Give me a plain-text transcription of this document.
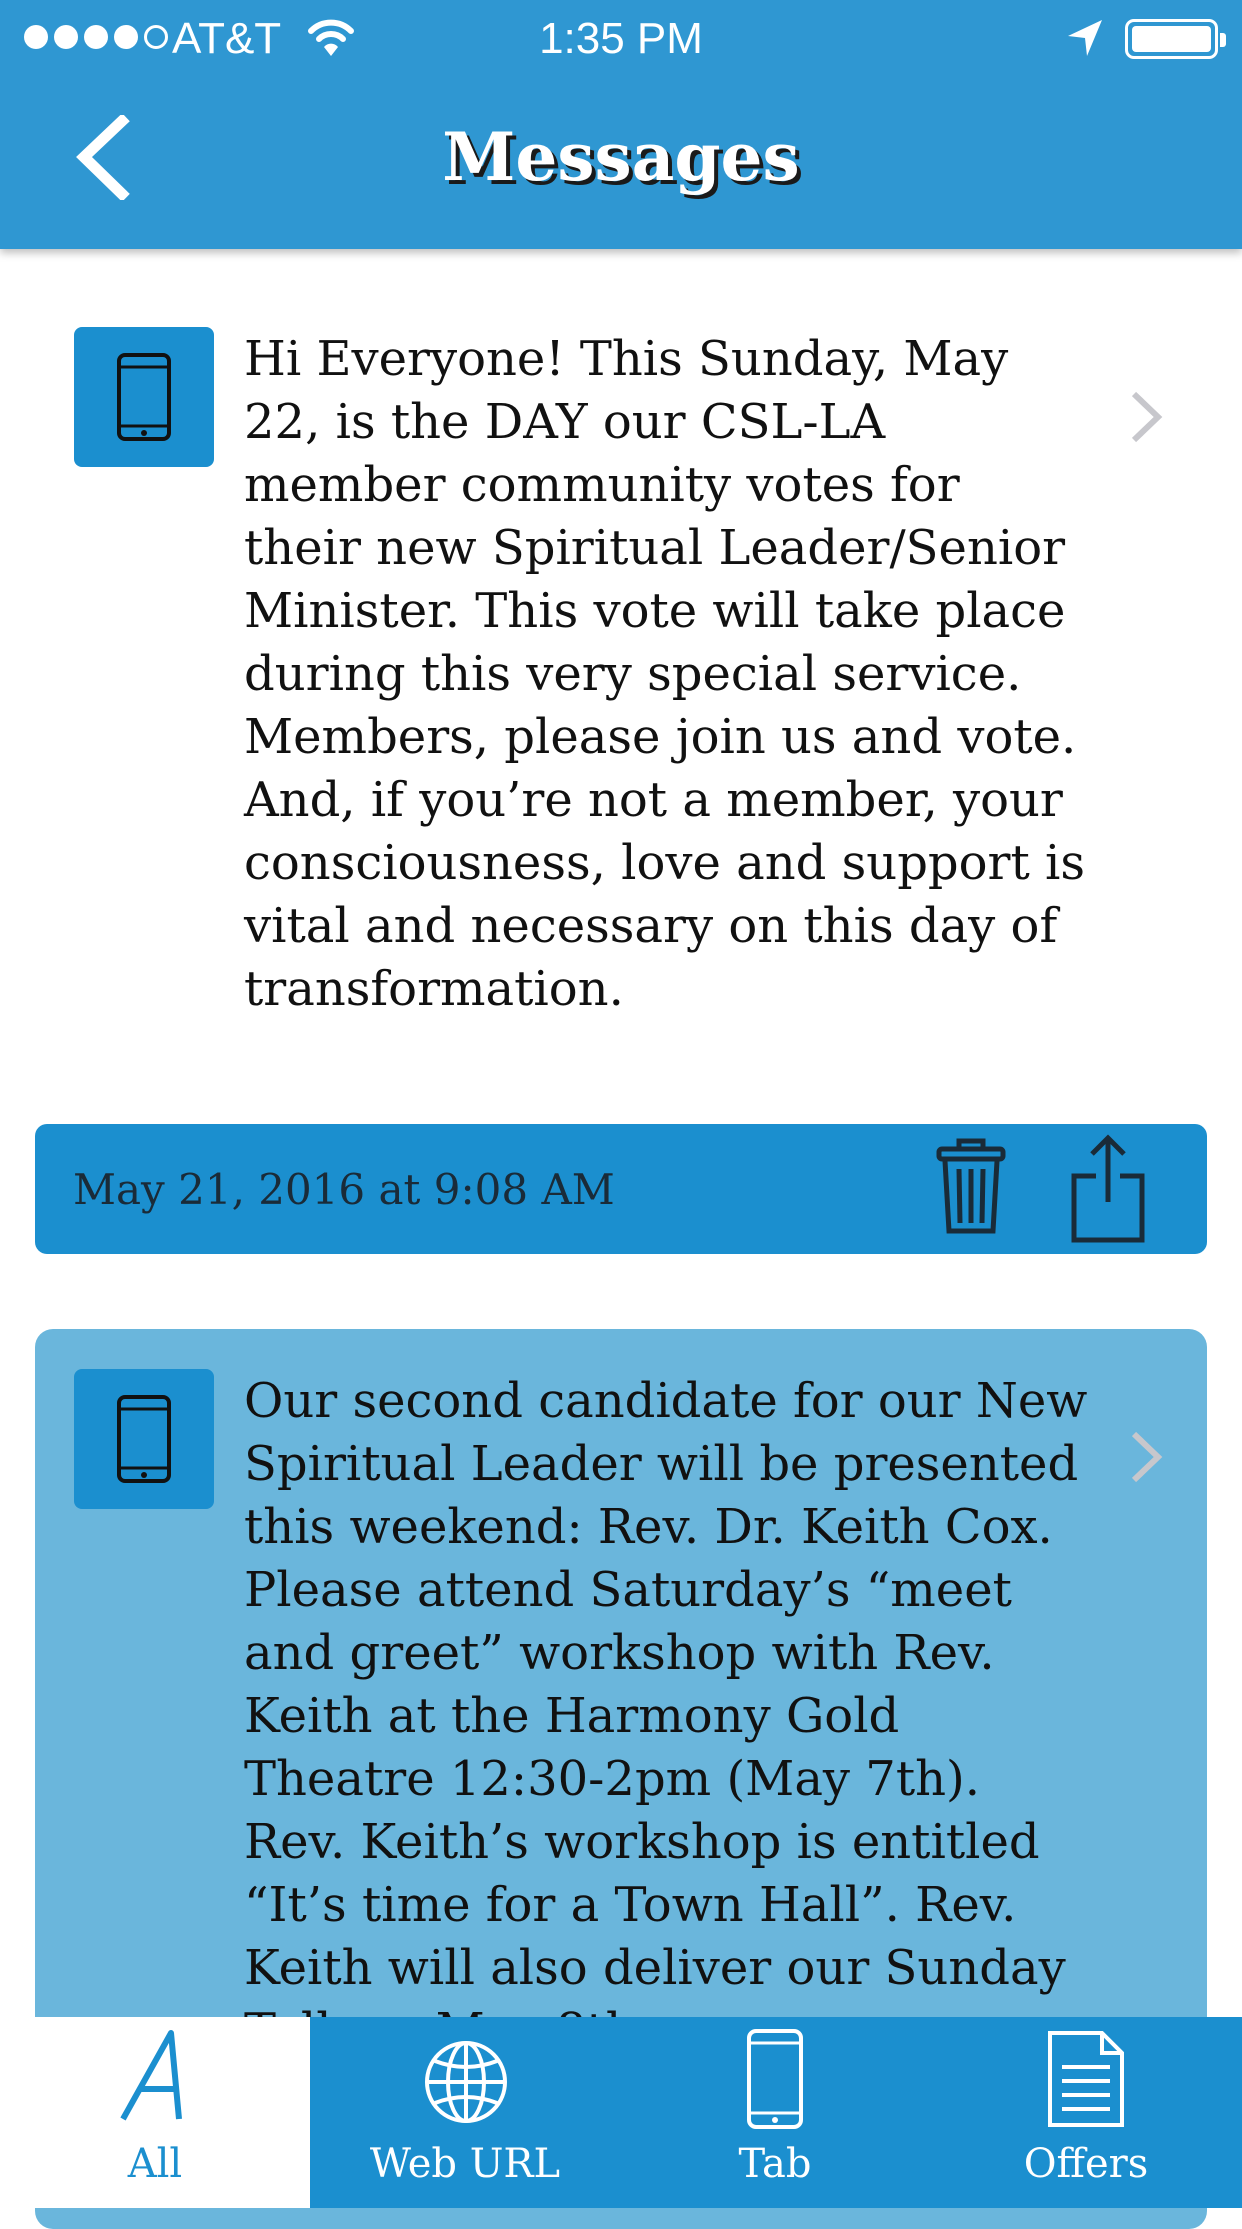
AT&T	1:35 PM
Messages
Hi Everyone! This Sunday, May
22, is the DAY our CSL-LA
member community votes for
their new Spiritual Leader/Senior
Minister. This vote will take place
during this very special service.
Members, please join us and vote.
And, if you’re not a member, your
consciousness, love and support is
vital and necessary on this day of
transformation.
May 21, 2016 at 9:08 AM
Our second candidate for our New
Spiritual Leader will be presented
this weekend: Rev. Dr. Keith Cox.
Please attend Saturday’s “meet
and greet” workshop with Rev.
Keith at the Harmony Gold
Theatre 12:30-2pm (May 7th).
Rev. Keith’s workshop is entitled
“It’s time for a Town Hall”. Rev.
Keith will also deliver our Sunday

All	Web URL	Tab	Offers
